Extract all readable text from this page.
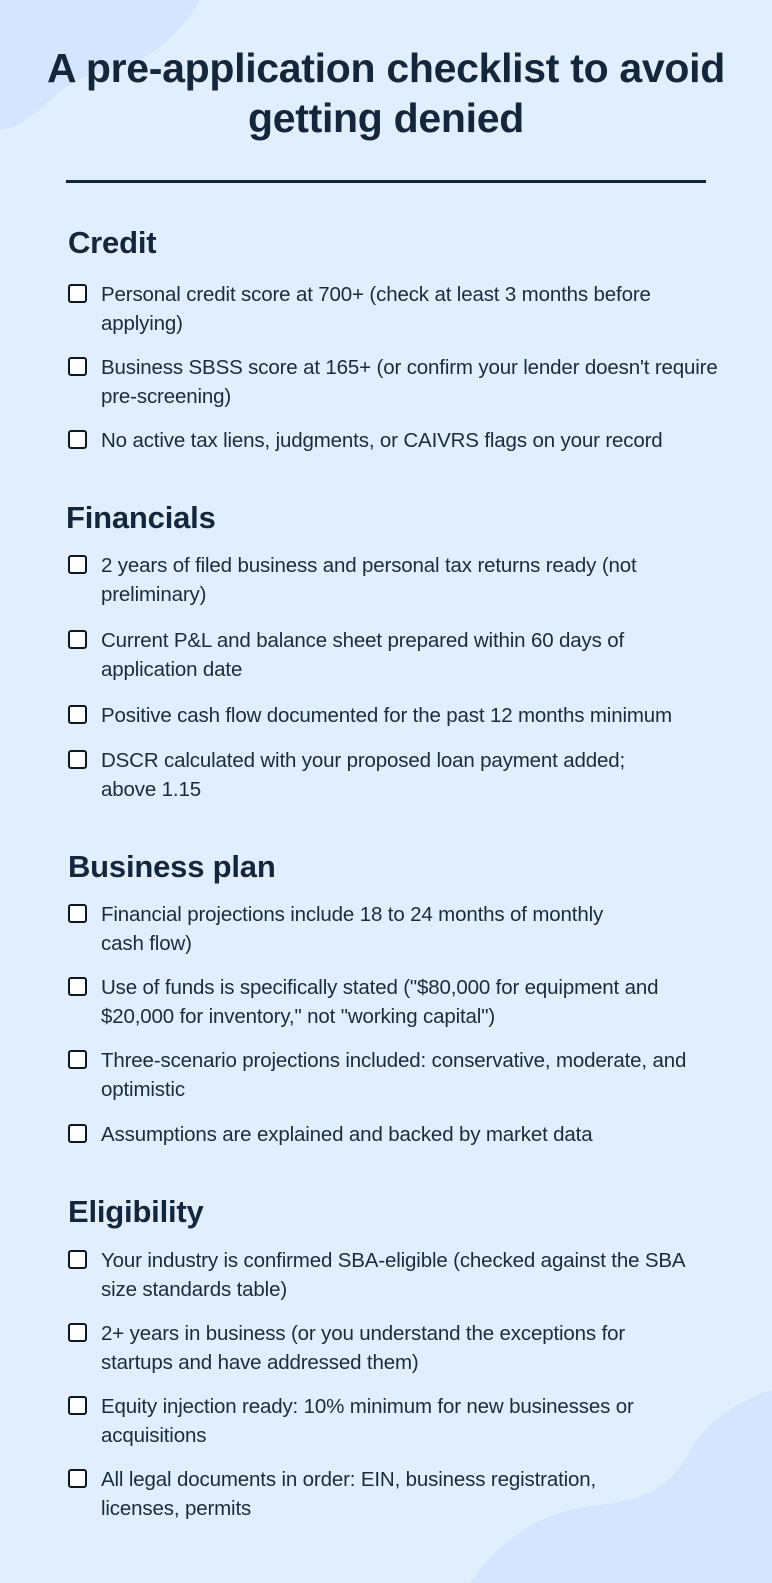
A pre-application checklist to avoid getting denied
Credit
Personal credit score at 700+ (check at least 3 months before applying)
Business SBSS score at 165+ (or confirm your lender doesn't require pre-screening)
No active tax liens, judgments, or CAIVRS flags on your record
Financials
2 years of filed business and personal tax returns ready (not preliminary)
Current P&L and balance sheet prepared within 60 days of application date
Positive cash flow documented for the past 12 months minimum
DSCR calculated with your proposed loan payment added; above 1.15
Business plan
Financial projections include 18 to 24 months of monthly cash flow)
Use of funds is specifically stated ("$80,000 for equipment and $20,000 for inventory," not "working capital")
Three-scenario projections included: conservative, moderate, and optimistic
Assumptions are explained and backed by market data
Eligibility
Your industry is confirmed SBA-eligible (checked against the SBA size standards table)
2+ years in business (or you understand the exceptions for startups and have addressed them)
Equity injection ready: 10% minimum for new businesses or acquisitions
All legal documents in order: EIN, business registration, licenses, permits
